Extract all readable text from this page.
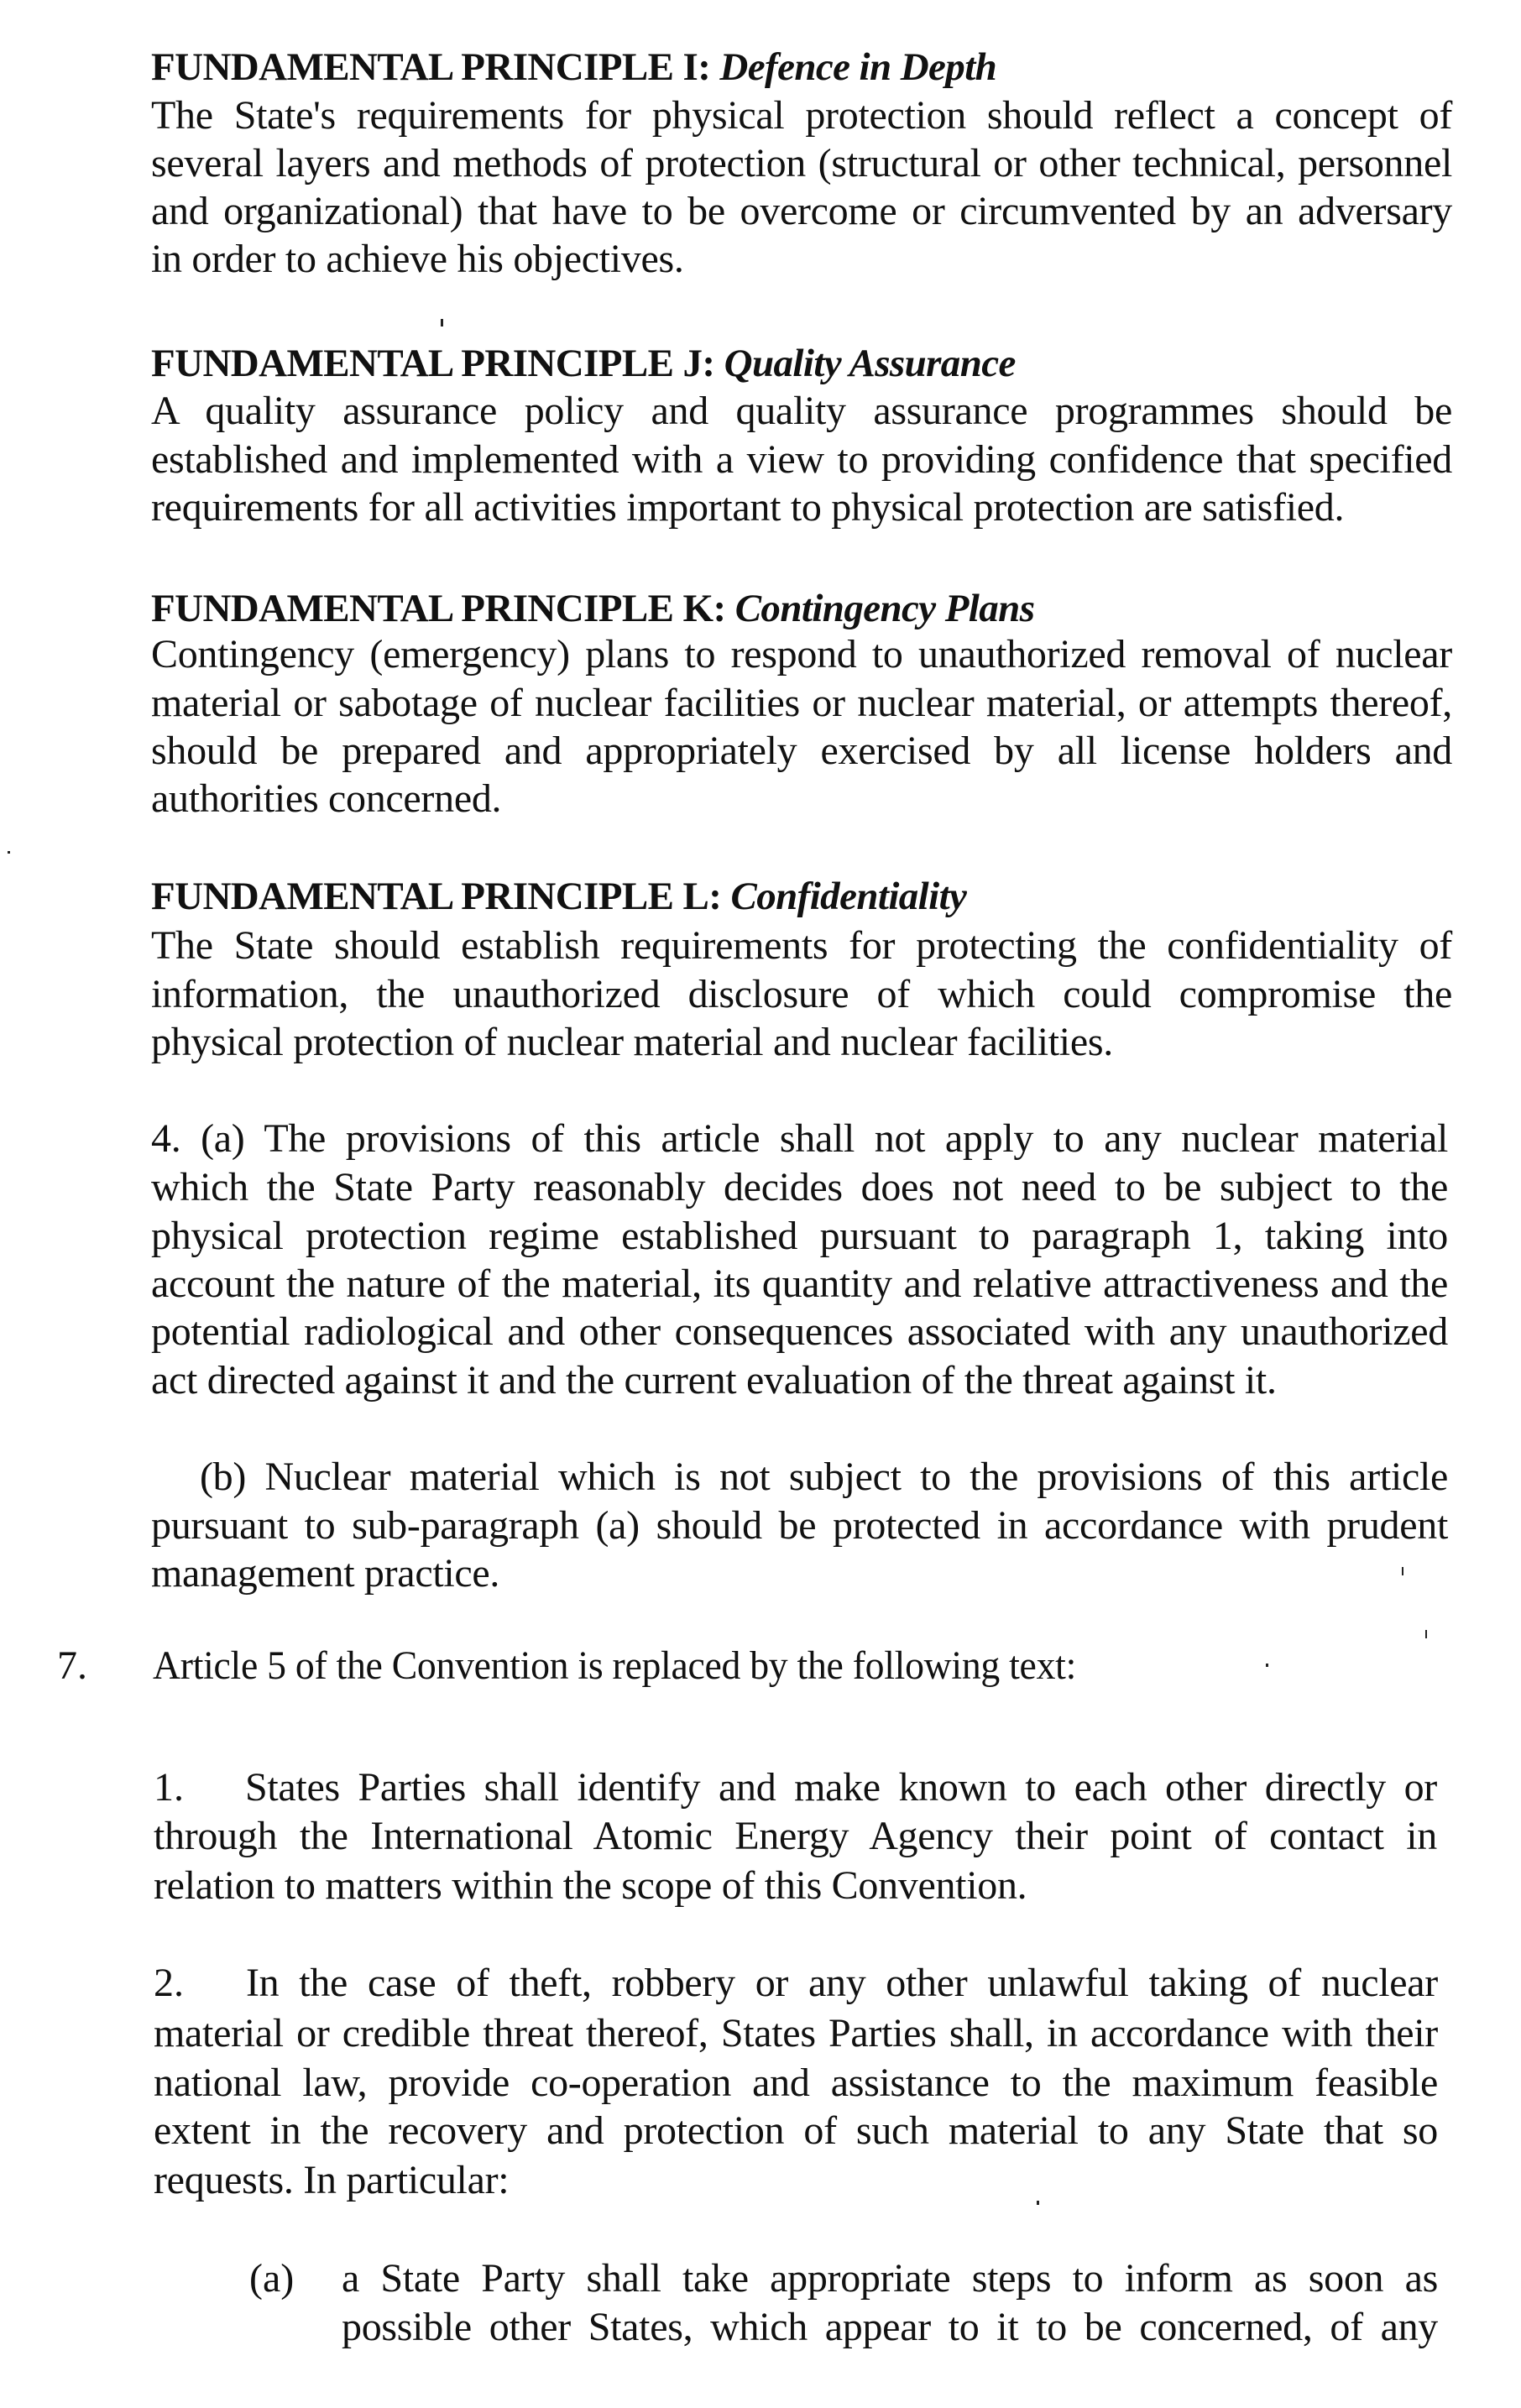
FUNDAMENTAL PRINCIPLE I: Defence in Depth
The State's requirements for physical protection should reflect a concept of
several layers and methods of protection (structural or other technical, personnel
and organizational) that have to be overcome or circumvented by an adversary
in order to achieve his objectives.
FUNDAMENTAL PRINCIPLE J: Quality Assurance
A quality assurance policy and quality assurance programmes should be
established and implemented with a view to providing confidence that specified
requirements for all activities important to physical protection are satisfied.
FUNDAMENTAL PRINCIPLE K: Contingency Plans
Contingency (emergency) plans to respond to unauthorized removal of nuclear
material or sabotage of nuclear facilities or nuclear material, or attempts thereof,
should be prepared and appropriately exercised by all license holders and
authorities concerned.
FUNDAMENTAL PRINCIPLE L: Confidentiality
The State should establish requirements for protecting the confidentiality of
information, the unauthorized disclosure of which could compromise the
physical protection of nuclear material and nuclear facilities.
4. (a) The provisions of this article shall not apply to any nuclear material
which the State Party reasonably decides does not need to be subject to the
physical protection regime established pursuant to paragraph 1, taking into
account the nature of the material, its quantity and relative attractiveness and the
potential radiological and other consequences associated with any unauthorized
act directed against it and the current evaluation of the threat against it.
(b) Nuclear material which is not subject to the provisions of this article
pursuant to sub-paragraph (a) should be protected in accordance with prudent
management practice.
7. Article 5 of the Convention is replaced by the following text:
1. States Parties shall identify and make known to each other directly or
through the International Atomic Energy Agency their point of contact in
relation to matters within the scope of this Convention.
2. In the case of theft, robbery or any other unlawful taking of nuclear
material or credible threat thereof, States Parties shall, in accordance with their
national law, provide co-operation and assistance to the maximum feasible
extent in the recovery and protection of such material to any State that so
requests. In particular:
(a) a State Party shall take appropriate steps to inform as soon as
possible other States, which appear to it to be concerned, of any
